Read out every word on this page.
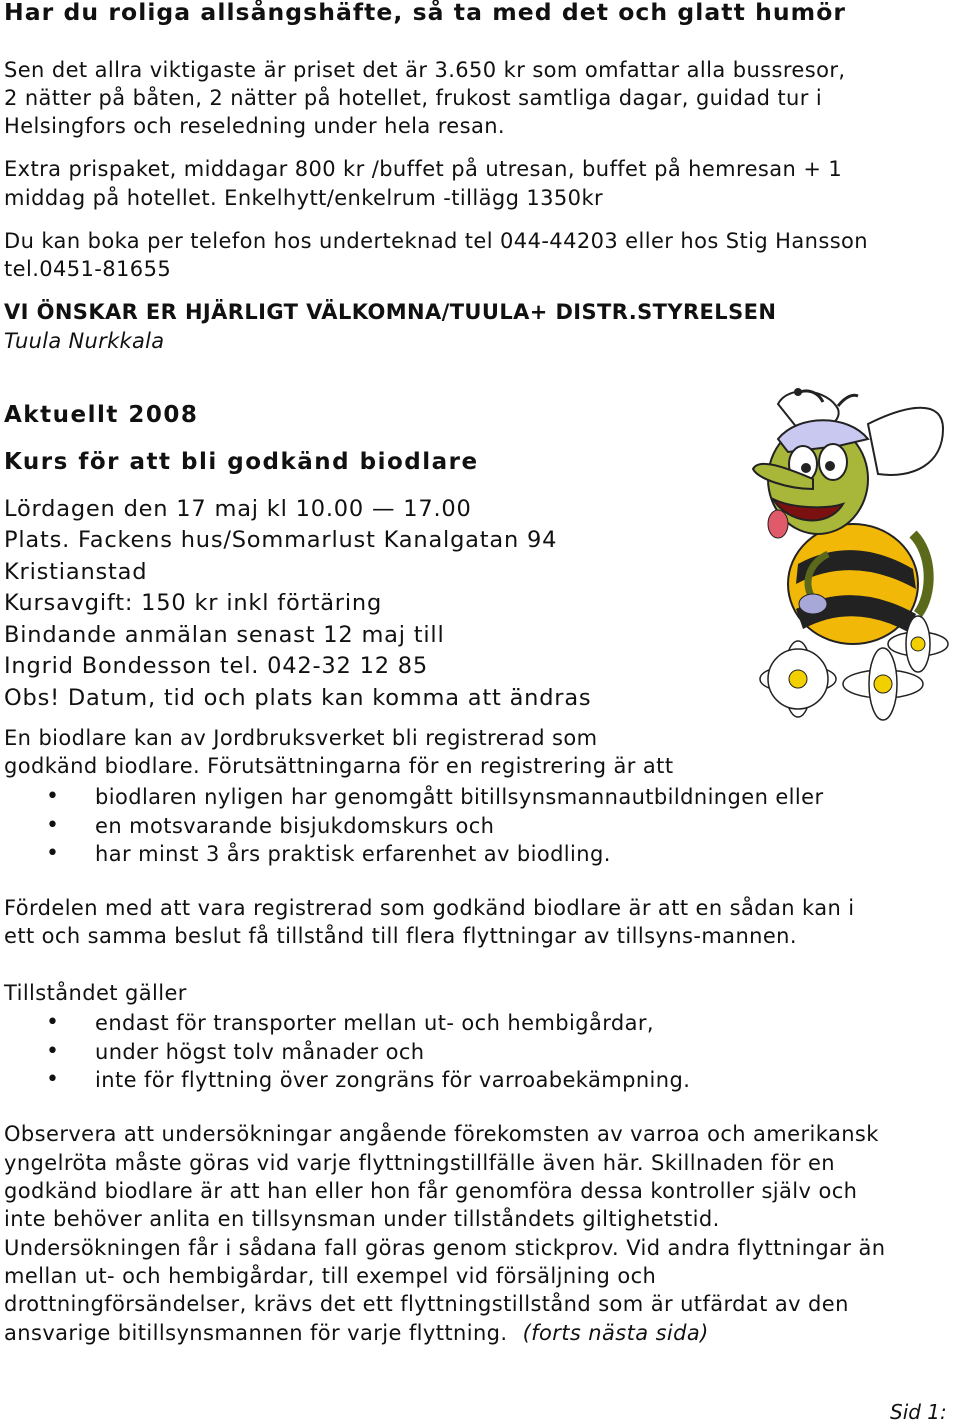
Har du roliga allsångshäfte, så ta med det och glatt humör

Sen det allra viktigaste är priset det är 3.650 kr som omfattar alla bussresor,

2 nätter på båten, 2 nätter på hotellet, frukost samtliga dagar, guidad tur i

Helsingfors och reseledning under hela resan.

Extra prispaket, middagar 800 kr /buffet på utresan, buffet på hemresan + 1

middag på hotellet. Enkelhytt/enkelrum -tillägg 1350kr

Du kan boka per telefon hos underteknad tel 044-44203 eller hos Stig Hansson

tel.0451-81655

VI ÖNSKAR ER HJÄRLIGT VÄLKOMNA/TUULA+ DISTR.STYRELSEN

Tuula Nurkkala

Aktuellt 2008

Kurs för att bli godkänd biodlare

Lördagen den 17 maj kl 10.00 — 17.00

Plats. Fackens hus/Sommarlust Kanalgatan 94

Kristianstad

Kursavgift: 150 kr inkl förtäring

Bindande anmälan senast 12 maj till

Ingrid Bondesson tel. 042-32 12 85

Obs! Datum, tid och plats kan komma att ändras

En biodlare kan av Jordbruksverket bli registrerad som

godkänd biodlare. Förutsättningarna för en registrering är att

• biodlaren nyligen har genomgått bitillsynsmannautbildningen eller
• en motsvarande bisjukdomskurs och
• har minst 3 års praktisk erfarenhet av biodling.

Fördelen med att vara registrerad som godkänd biodlare är att en sådan kan i

ett och samma beslut få tillstånd till flera flyttningar av tillsyns-mannen.

Tillståndet gäller

• endast för transporter mellan ut- och hembigårdar,
• under högst tolv månader och
• inte för flyttning över zongräns för varroabekämpning.

Observera att undersökningar angående förekomsten av varroa och amerikansk

yngelröta måste göras vid varje flyttningstillfälle även här. Skillnaden för en

godkänd biodlare är att han eller hon får genomföra dessa kontroller själv och

inte behöver anlita en tillsynsman under tillståndets giltighetstid.

Undersökningen får i sådana fall göras genom stickprov. Vid andra flyttningar än

mellan ut- och hembigårdar, till exempel vid försäljning och

drottningförsändelser, krävs det ett flyttningstillstånd som är utfärdat av den

ansvarige bitillsynsmannen för varje flyttning. (forts nästa sida)

Sid 1:
